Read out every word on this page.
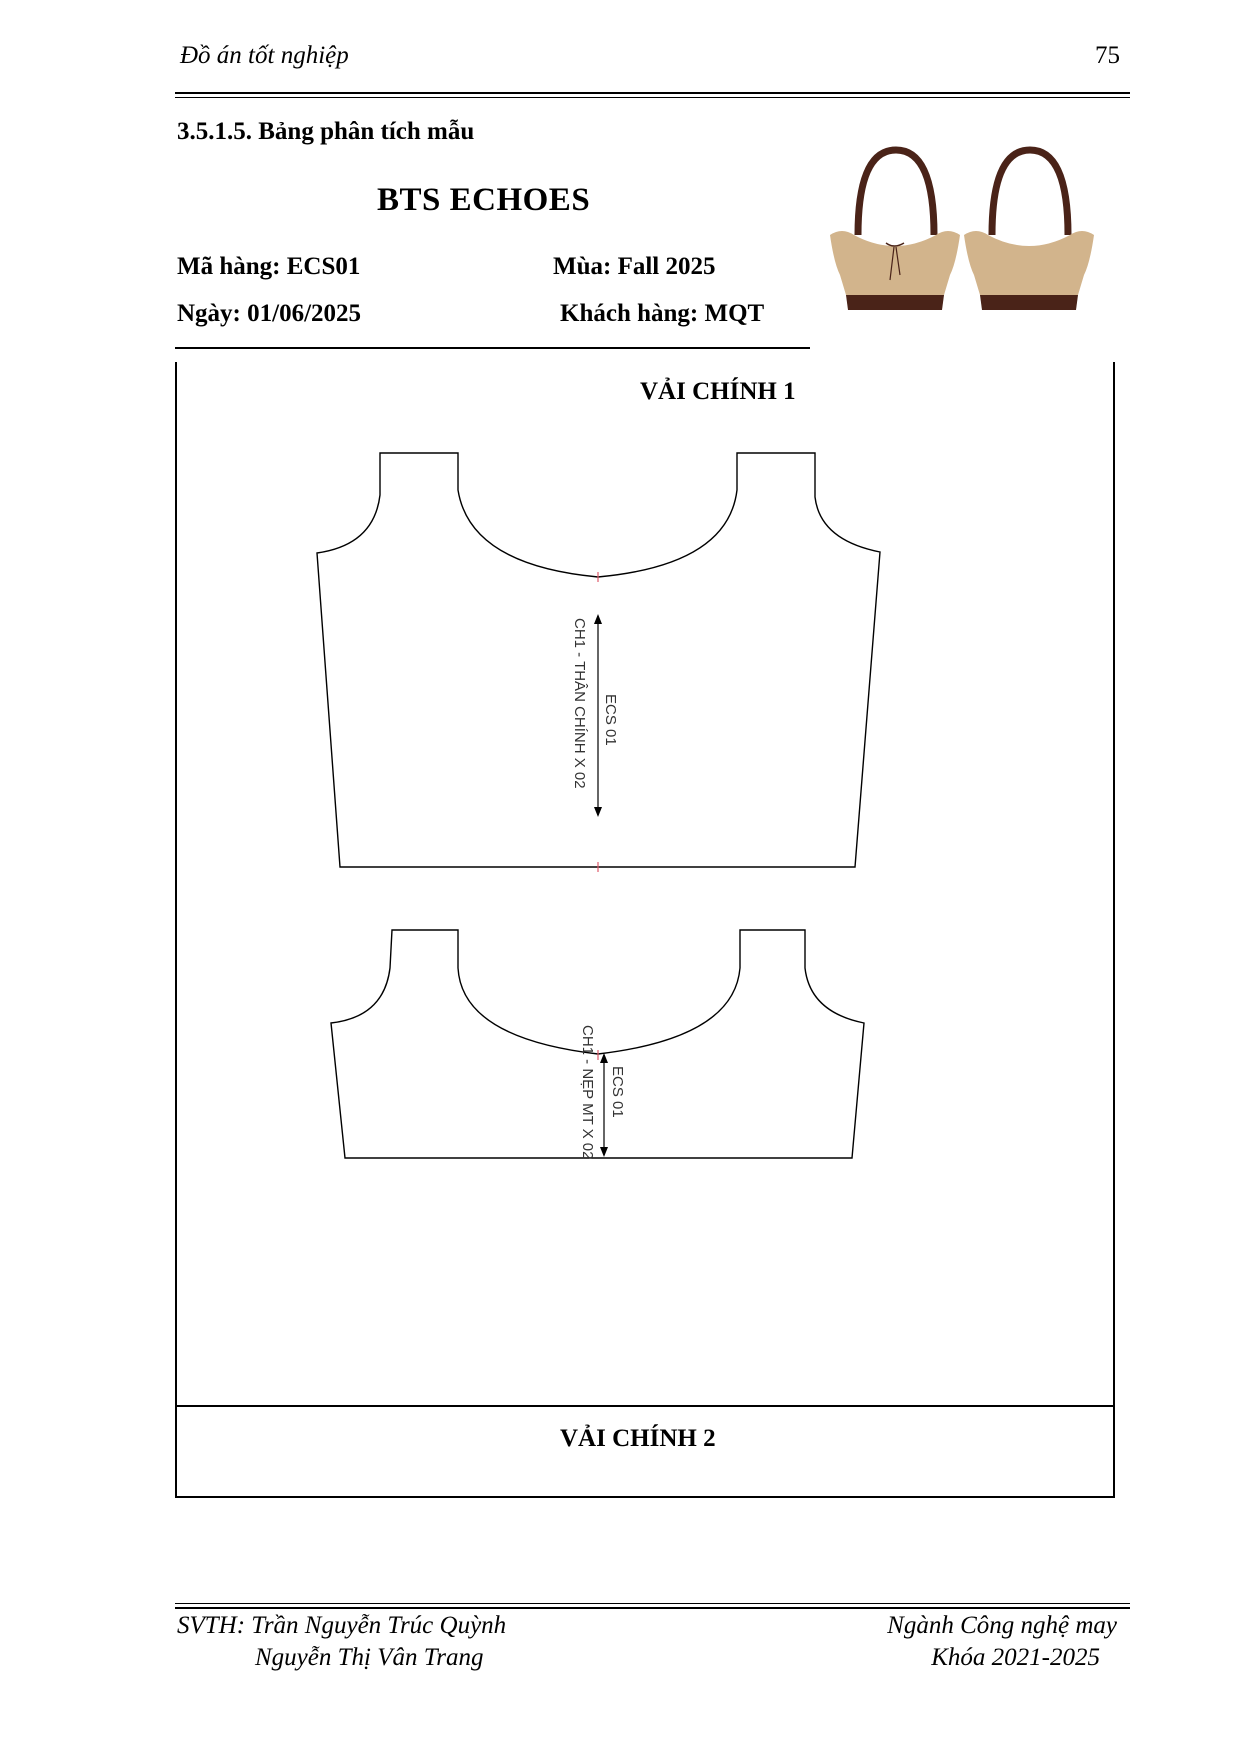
Đồ án tốt nghiệp	75
3.5.1.5. Bảng phân tích mẫu
BTS ECHOES
Mã hàng: ECS01	Mùa: Fall 2025
Ngày: 01/06/2025	Khách hàng: MQT
VẢI CHÍNH 1
CH1 - THÂN CHÍNH X 02 ECS 01
CH1 - NẸP MT X 02 ECS 01
VẢI CHÍNH 2
SVTH: Trần Nguyễn Trúc Quỳnh
Nguyễn Thị Vân Trang
Ngành Công nghệ may
Khóa 2021-2025
